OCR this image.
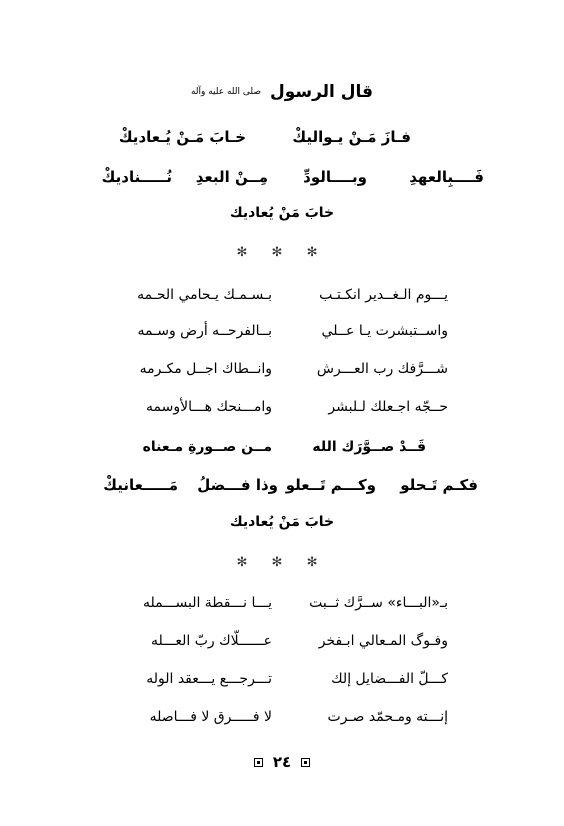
قال الرسول صلى الله عليه وآله
فـازَ مَـنْ يـواليكْ
خـابَ مَـنْ يُـعاديكْ
فَــــبِالعهدِ
وبــــالودِّ
مِــنْ البعدِ
نُـــــناديكْ
خابَ مَنْ يُعاديك
✻ ✻ ✻
يـــوم الـغــدير انكـتـب
بـسـمـك يـحامي الحـمه
واســتبشرت يـا عــلي
بــالفرحــه أرض وسـمه
شـــرَّفك رب العـــرش
وانــطاك اجــل مكـرمه
حــجّه اجـعلك لـلبشر
وامـــنحك هـــالأوسمه
قَــدْ صــوَّرَك الله
مــن صــورةِ مـعناه
فكـم تَـحلو
وكـــم تَــعلو
وذا فـــضلُ
مَـــــعانيكْ
خابَ مَنْ يُعاديك
✻ ✻ ✻
بـ«البـــاء» ســرَّك ثــبت
يـــا نـــقطة البســـمله
وفـوگ المـعالي ابـفخر
عــــــلّاك ربّ العـــله
كـــلّ الفـــضايل إلك
تـــرجـــع يـــعقد الوله
إنـــته ومـحمّد صـرت
لا فـــــرق لا فـــاصله
٢٤
